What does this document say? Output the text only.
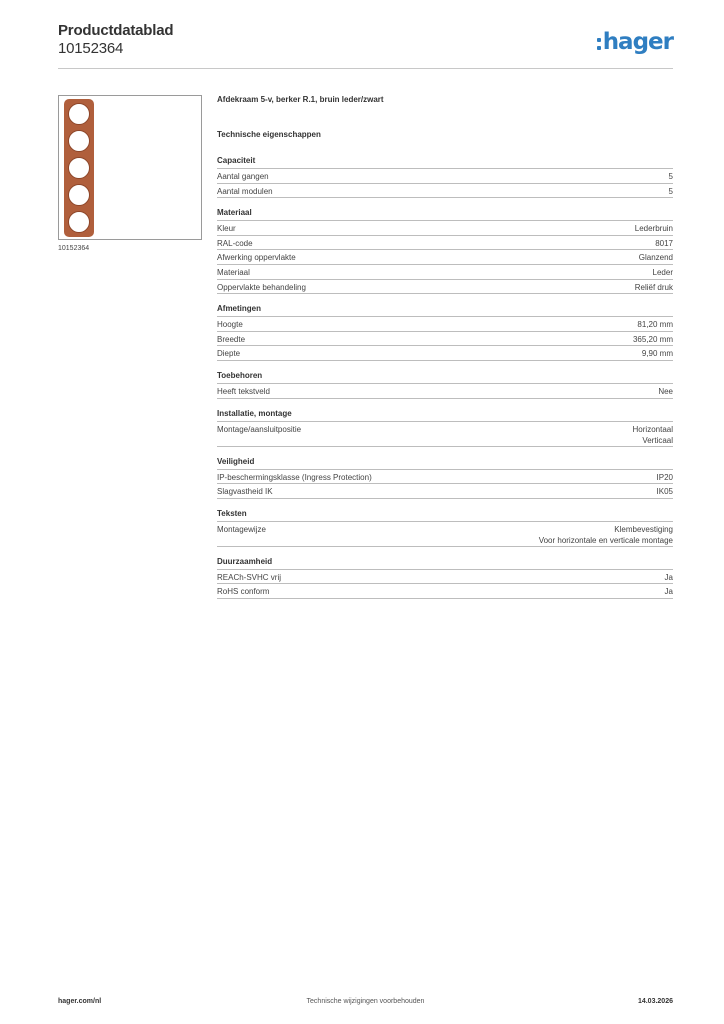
Productdatablad
10152364	hager
10152364
Afdekraam 5-v, berker R.1, bruin leder/zwart
Technische eigenschappen
Capaciteit
Aantal gangen	5
Aantal modulen	5
Materiaal
Kleur	Lederbruin
RAL-code	8017
Afwerking oppervlakte	Glanzend
Materiaal	Leder
Oppervlakte behandeling	Reliëf druk
Afmetingen
Hoogte	81,20 mm
Breedte	365,20 mm
Diepte	9,90 mm
Toebehoren
Heeft tekstveld	Nee
Installatie, montage
Montage/aansluitpositie	Horizontaal
Verticaal
Veiligheid
IP-beschermingsklasse (Ingress Protection)	IP20
Slagvastheid IK	IK05
Teksten
Montagewijze	Klembevestiging
Voor horizontale en verticale montage
Duurzaamheid
REACh-SVHC vrij	Ja
RoHS conform	Ja
hager.com/nl	Technische wijzigingen voorbehouden	14.03.2026
